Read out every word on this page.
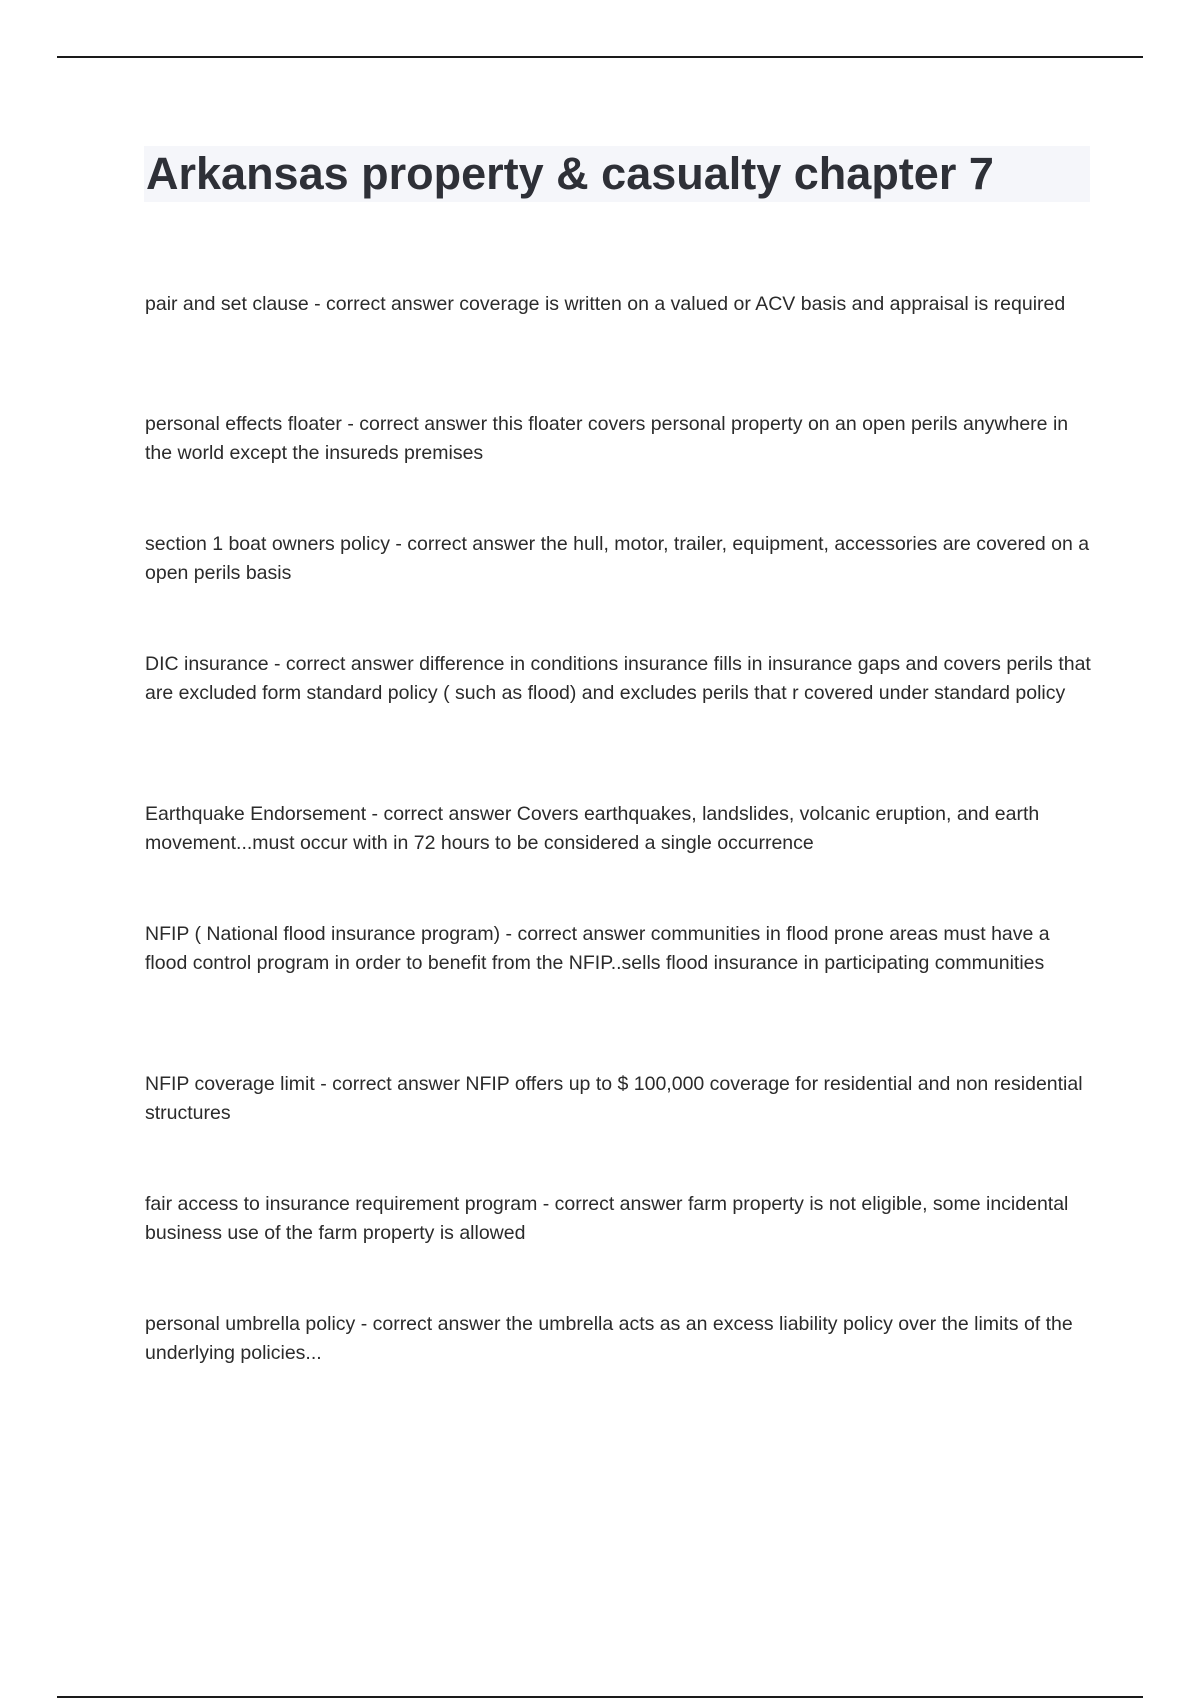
Arkansas property & casualty chapter 7
pair and set clause - correct answer coverage is written on a valued or ACV basis and appraisal is required
personal effects floater - correct answer this floater covers personal property on an open perils anywhere in the world except the insureds premises
section 1 boat owners policy - correct answer the hull, motor, trailer, equipment, accessories are covered on a open perils basis
DIC insurance - correct answer difference in conditions insurance fills in insurance gaps and covers perils that are excluded form standard policy ( such as flood) and excludes perils that r covered under standard policy
Earthquake Endorsement - correct answer Covers earthquakes, landslides, volcanic eruption, and earth movement...must occur with in 72 hours to be considered a single occurrence
NFIP ( National flood insurance program) - correct answer communities in flood prone areas must have a flood control program in order to benefit from the NFIP..sells flood insurance in participating communities
NFIP coverage limit - correct answer NFIP offers up to $ 100,000 coverage for residential and non residential structures
fair access to insurance requirement program - correct answer farm property is not eligible, some incidental business use of the farm property is allowed
personal umbrella policy - correct answer the umbrella acts as an excess liability policy over the limits of the underlying policies...
